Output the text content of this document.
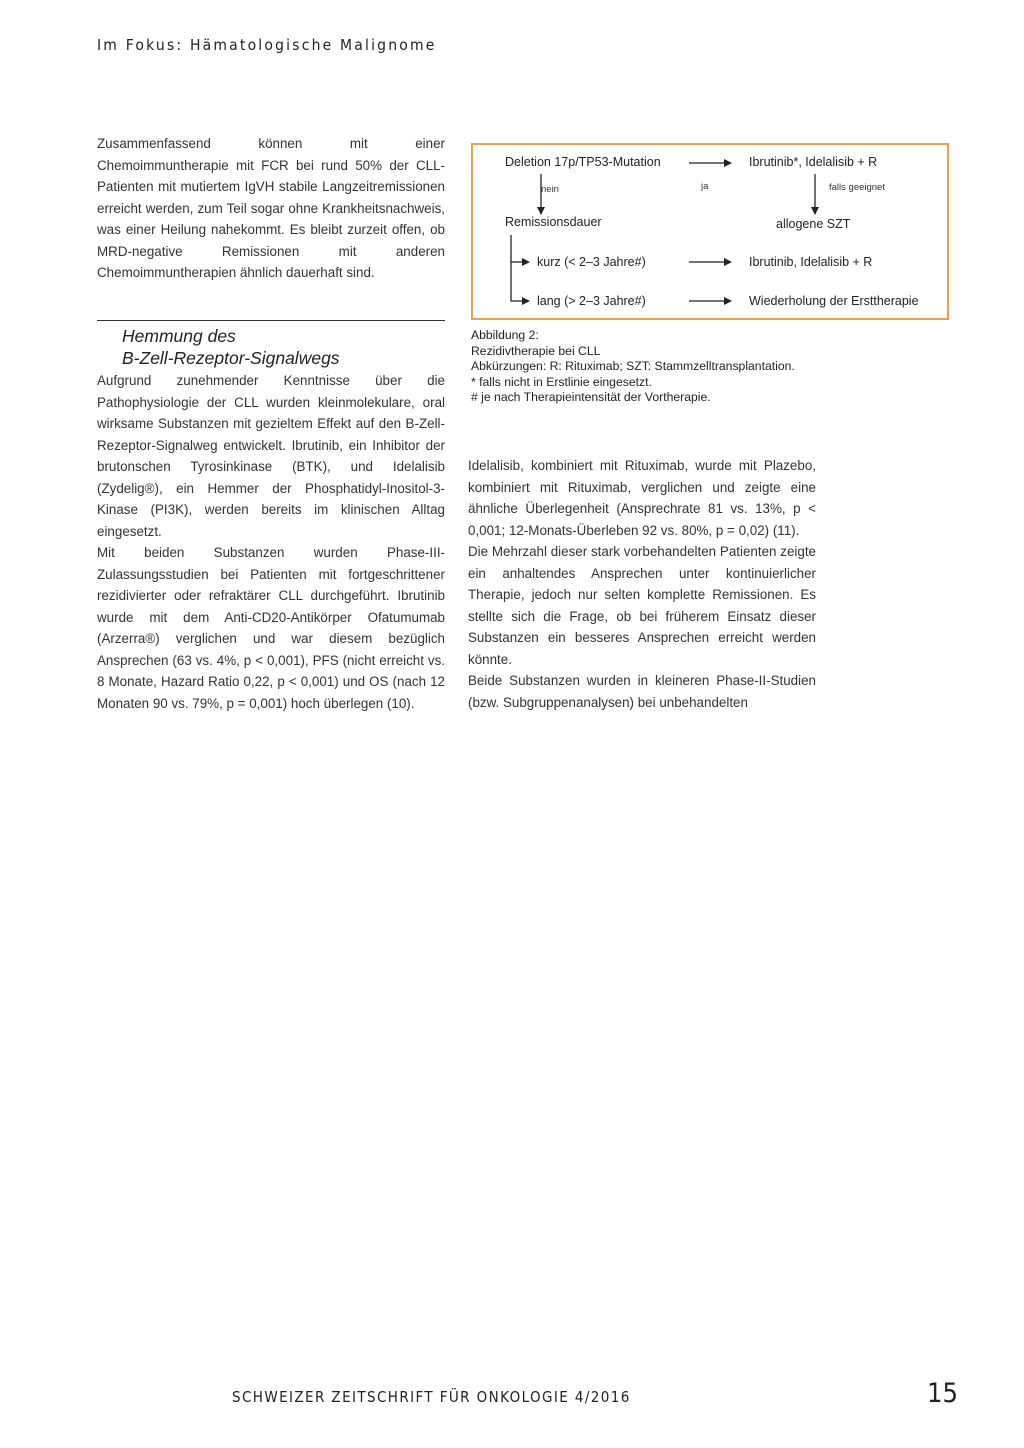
Im Fokus: Hämatologische Malignome

Zusammenfassend können mit einer Chemoimmuntherapie mit FCR bei rund 50% der CLL-Patienten mit mutiertem IgVH stabile Langzeitremissionen erreicht werden, zum Teil sogar ohne Krankheitsnachweis, was einer Heilung nahekommt. Es bleibt zurzeit offen, ob MRD-negative Remissionen mit anderen Chemoimmuntherapien ähnlich dauerhaft sind.

Hemmung des
B-Zell-Rezeptor-Signalwegs

Aufgrund zunehmender Kenntnisse über die Pathophysiologie der CLL wurden kleinmolekulare, oral wirksame Substanzen mit gezieltem Effekt auf den B-Zell-Rezeptor-Signalweg entwickelt. Ibrutinib, ein Inhibitor der brutonschen Tyrosinkinase (BTK), und Idelalisib (Zydelig®), ein Hemmer der Phosphatidyl-Inositol-3-Kinase (PI3K), werden bereits im klinischen Alltag eingesetzt.

Mit beiden Substanzen wurden Phase-III-Zulassungsstudien bei Patienten mit fortgeschrittener rezidivierter oder refraktärer CLL durchgeführt. Ibrutinib wurde mit dem Anti-CD20-Antikörper Ofatumumab (Arzerra®) verglichen und war diesem bezüglich Ansprechen (63 vs. 4%, p < 0,001), PFS (nicht erreicht vs. 8 Monate, Hazard Ratio 0,22, p < 0,001) und OS (nach 12 Monaten 90 vs. 79%, p = 0,001) hoch überlegen (10).

Deletion 17p/TP53-Mutation	Ibrutinib*, Idelalisib + R
nein	ja	falls geeignet
Remissionsdauer	allogene SZT
kurz (< 2–3 Jahre#)	Ibrutinib, Idelalisib + R
lang (> 2–3 Jahre#)	Wiederholung der Ersttherapie
Abbildung 2:
Rezidivtherapie bei CLL
Abkürzungen: R: Rituximab; SZT: Stammzelltransplantation.
* falls nicht in Erstlinie eingesetzt.
# je nach Therapieintensität der Vortherapie.

Idelalisib, kombiniert mit Rituximab, wurde mit Plazebo, kombiniert mit Rituximab, verglichen und zeigte eine ähnliche Überlegenheit (Ansprechrate 81 vs. 13%, p < 0,001; 12-Monats-Überleben 92 vs. 80%, p = 0,02) (11).

Die Mehrzahl dieser stark vorbehandelten Patienten zeigte ein anhaltendes Ansprechen unter kontinuierlicher Therapie, jedoch nur selten komplette Remissionen. Es stellte sich die Frage, ob bei früherem Einsatz dieser Substanzen ein besseres Ansprechen erreicht werden könnte.

Beide Substanzen wurden in kleineren Phase-II-Studien (bzw. Subgruppenanalysen) bei unbehandelten

SCHWEIZER ZEITSCHRIFT FÜR ONKOLOGIE 4/2016	15
